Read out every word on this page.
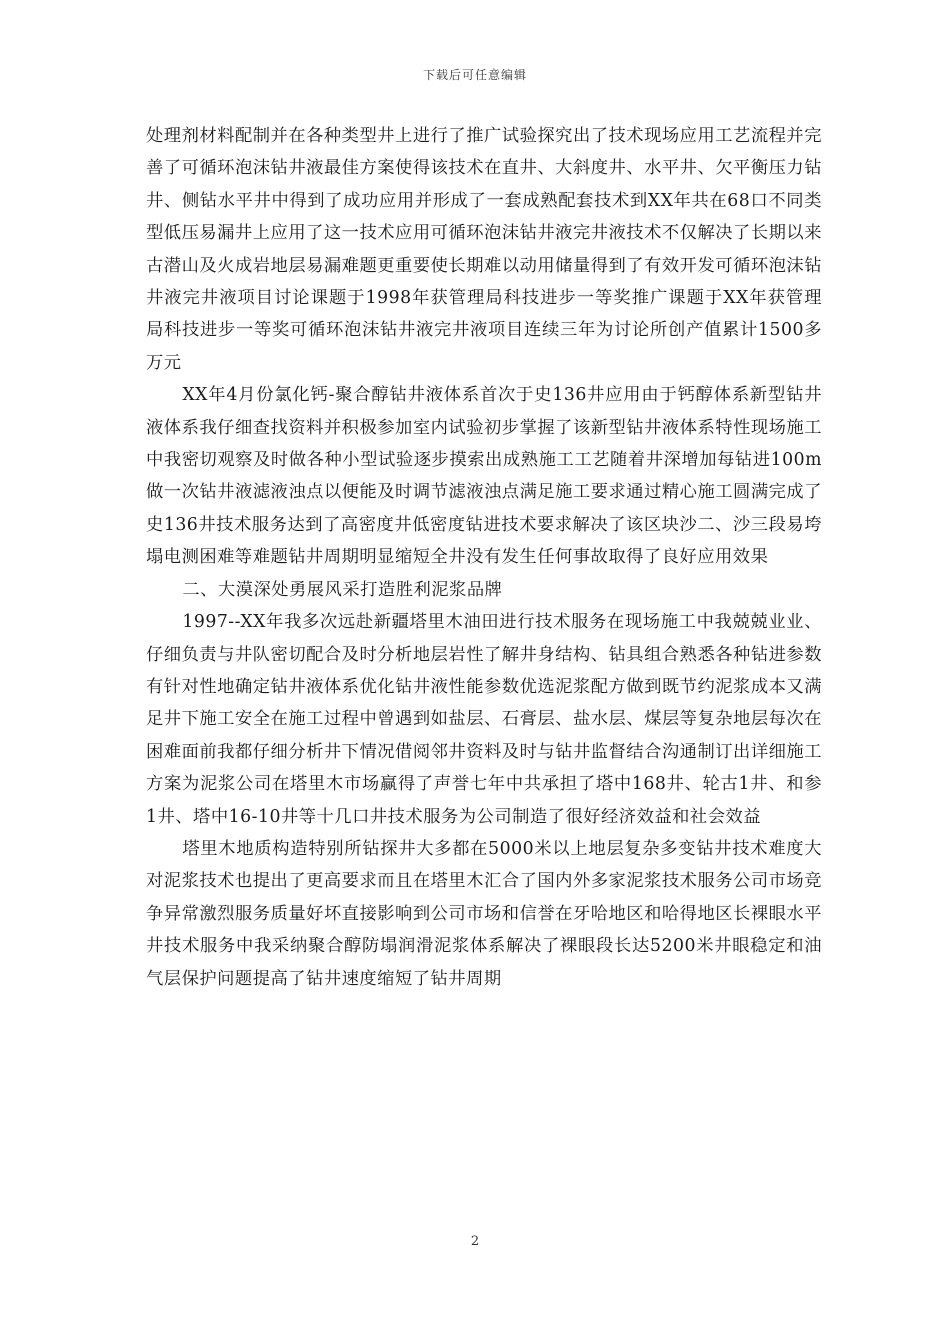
下载后可任意编辑

处理剂材料配制并在各种类型井上进行了推广试验探究出了技术现场应用工艺流程并完善了可循环泡沫钻井液最佳方案使得该技术在直井、大斜度井、水平井、欠平衡压力钻井、侧钻水平井中得到了成功应用并形成了一套成熟配套技术到XX年共在68口不同类型低压易漏井上应用了这一技术应用可循环泡沫钻井液完井液技术不仅解决了长期以来古潜山及火成岩地层易漏难题更重要使长期难以动用储量得到了有效开发可循环泡沫钻井液完井液项目讨论课题于1998年获管理局科技进步一等奖推广课题于XX年获管理局科技进步一等奖可循环泡沫钻井液完井液项目连续三年为讨论所创产值累计1500多万元

XX年4月份氯化钙-聚合醇钻井液体系首次于史136井应用由于钙醇体系新型钻井液体系我仔细查找资料并积极参加室内试验初步掌握了该新型钻井液体系特性现场施工中我密切观察及时做各种小型试验逐步摸索出成熟施工工艺随着井深增加每钻进100m做一次钻井液滤液浊点以便能及时调节滤液浊点满足施工要求通过精心施工圆满完成了史136井技术服务达到了高密度井低密度钻进技术要求解决了该区块沙二、沙三段易垮塌电测困难等难题钻井周期明显缩短全井没有发生任何事故取得了良好应用效果

二、大漠深处勇展风采打造胜利泥浆品牌

1997--XX年我多次远赴新疆塔里木油田进行技术服务在现场施工中我兢兢业业、仔细负责与井队密切配合及时分析地层岩性了解井身结构、钻具组合熟悉各种钻进参数有针对性地确定钻井液体系优化钻井液性能参数优选泥浆配方做到既节约泥浆成本又满足井下施工安全在施工过程中曾遇到如盐层、石膏层、盐水层、煤层等复杂地层每次在困难面前我都仔细分析井下情况借阅邻井资料及时与钻井监督结合沟通制订出详细施工方案为泥浆公司在塔里木市场赢得了声誉七年中共承担了塔中168井、轮古1井、和参1井、塔中16-10井等十几口井技术服务为公司制造了很好经济效益和社会效益

塔里木地质构造特别所钻探井大多都在5000米以上地层复杂多变钻井技术难度大对泥浆技术也提出了更高要求而且在塔里木汇合了国内外多家泥浆技术服务公司市场竞争异常激烈服务质量好坏直接影响到公司市场和信誉在牙哈地区和哈得地区长裸眼水平井技术服务中我采纳聚合醇防塌润滑泥浆体系解决了裸眼段长达5200米井眼稳定和油气层保护问题提高了钻井速度缩短了钻井周期

2
